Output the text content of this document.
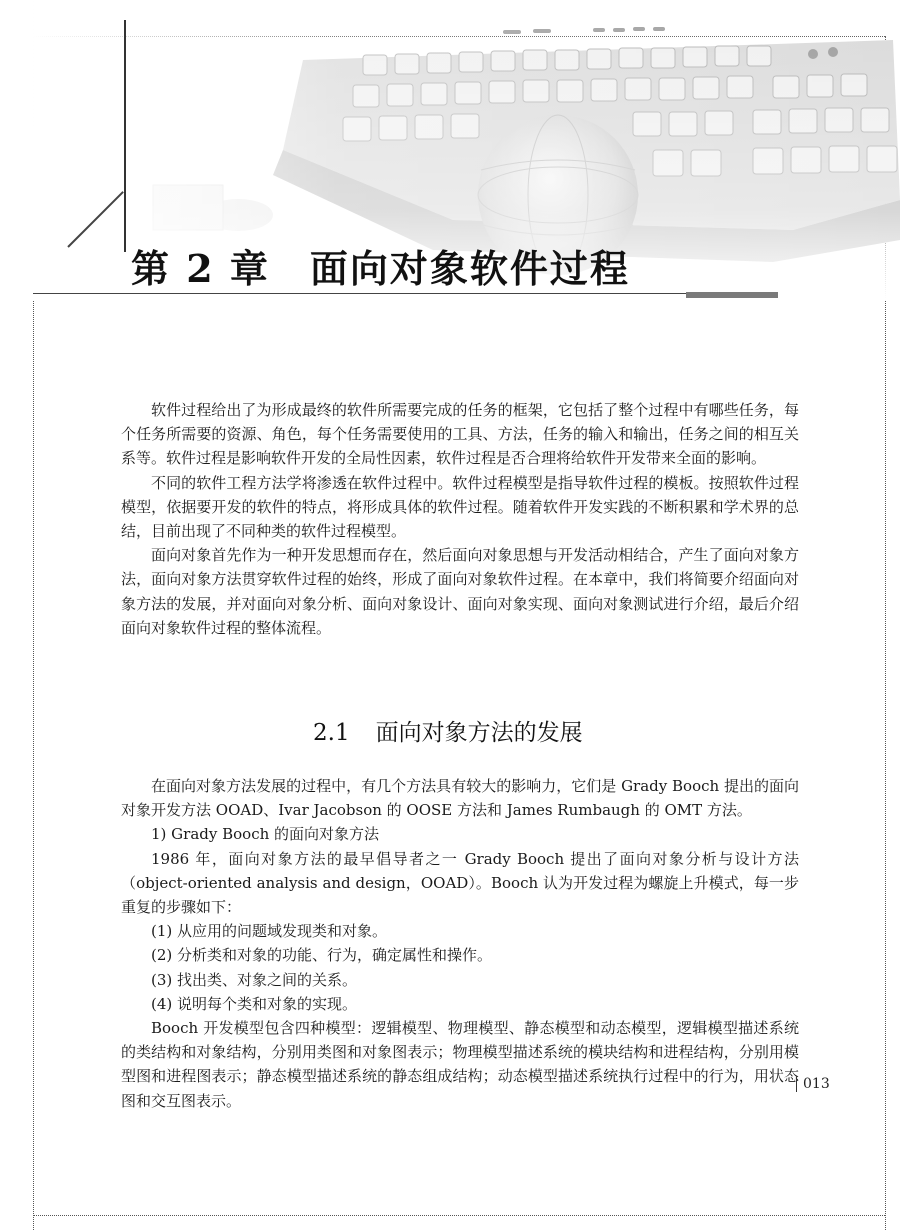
第 2 章 面向对象软件过程

软件过程给出了为形成最终的软件所需要完成的任务的框架，它包括了整个过程中有哪些任务，每个任务所需要的资源、角色，每个任务需要使用的工具、方法，任务的输入和输出，任务之间的相互关系等。软件过程是影响软件开发的全局性因素，软件过程是否合理将给软件开发带来全面的影响。

不同的软件工程方法学将渗透在软件过程中。软件过程模型是指导软件过程的模板。按照软件过程模型，依据要开发的软件的特点，将形成具体的软件过程。随着软件开发实践的不断积累和学术界的总结，目前出现了不同种类的软件过程模型。

面向对象首先作为一种开发思想而存在，然后面向对象思想与开发活动相结合，产生了面向对象方法，面向对象方法贯穿软件过程的始终，形成了面向对象软件过程。在本章中，我们将简要介绍面向对象方法的发展，并对面向对象分析、面向对象设计、面向对象实现、面向对象测试进行介绍，最后介绍面向对象软件过程的整体流程。

2.1 面向对象方法的发展

在面向对象方法发展的过程中，有几个方法具有较大的影响力，它们是 Grady Booch 提出的面向对象开发方法 OOAD、Ivar Jacobson 的 OOSE 方法和 James Rumbaugh 的 OMT 方法。

1) Grady Booch 的面向对象方法

1986 年，面向对象方法的最早倡导者之一 Grady Booch 提出了面向对象分析与设计方法（object-oriented analysis and design，OOAD）。Booch 认为开发过程为螺旋上升模式，每一步重复的步骤如下：

(1) 从应用的问题域发现类和对象。

(2) 分析类和对象的功能、行为，确定属性和操作。

(3) 找出类、对象之间的关系。

(4) 说明每个类和对象的实现。

Booch 开发模型包含四种模型：逻辑模型、物理模型、静态模型和动态模型，逻辑模型描述系统的类结构和对象结构，分别用类图和对象图表示；物理模型描述系统的模块结构和进程结构，分别用模型图和进程图表示；静态模型描述系统的静态组成结构；动态模型描述系统执行过程中的行为，用状态图和交互图表示。

013
